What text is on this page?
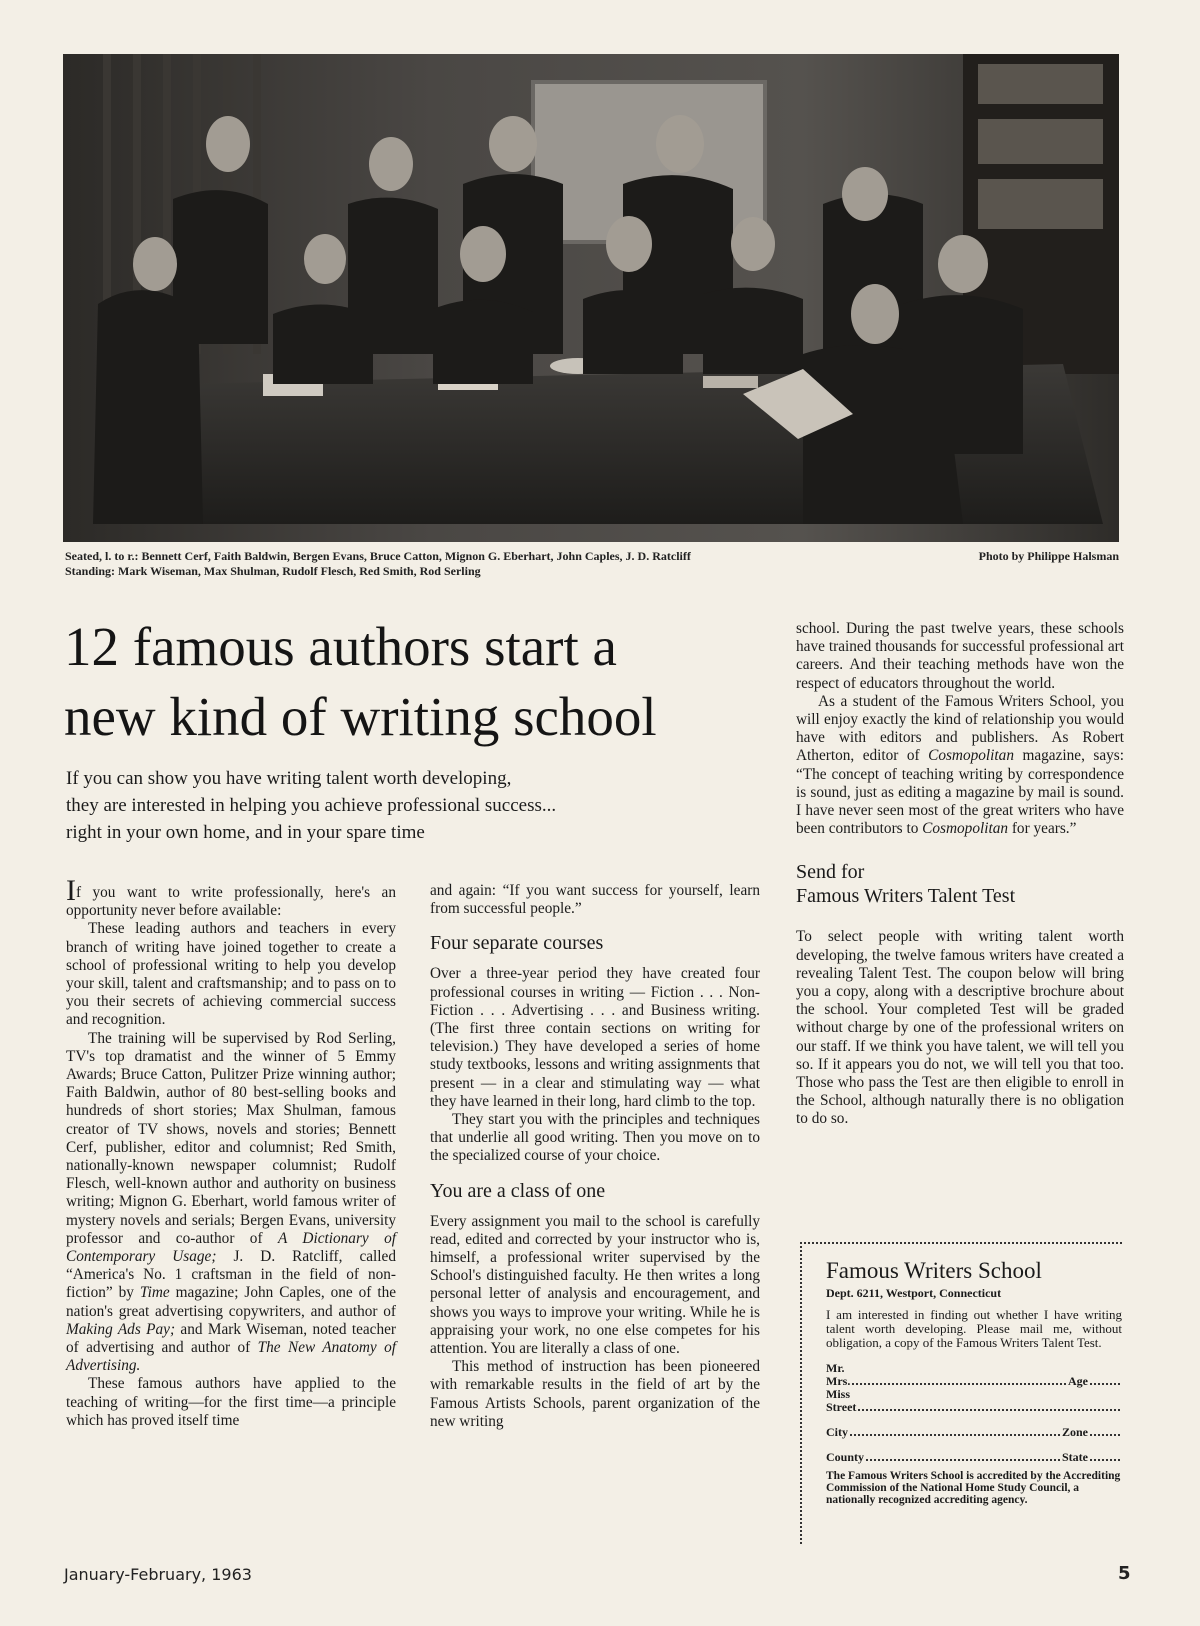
Seated, l. to r.: Bennett Cerf, Faith Baldwin, Bergen Evans, Bruce Catton, Mignon G. Eberhart, John Caples, J. D. Ratcliff
Standing: Mark Wiseman, Max Shulman, Rudolf Flesch, Red Smith, Rod Serling
Photo by Philippe Halsman
12 famous authors start a
new kind of writing school

If you can show you have writing talent worth developing,
they are interested in helping you achieve professional success...
right in your own home, and in your spare time

If you want to write professionally, here's an opportunity never before available:

These leading authors and teachers in every branch of writing have joined together to create a school of professional writing to help you develop your skill, talent and craftsmanship; and to pass on to you their secrets of achieving commercial success and recognition.

The training will be supervised by Rod Serling, TV's top dramatist and the winner of 5 Emmy Awards; Bruce Catton, Pulitzer Prize winning author; Faith Baldwin, author of 80 best-selling books and hundreds of short stories; Max Shulman, famous creator of TV shows, novels and stories; Bennett Cerf, publisher, editor and columnist; Red Smith, nationally-known newspaper columnist; Rudolf Flesch, well-known author and authority on business writing; Mignon G. Eberhart, world famous writer of mystery novels and serials; Bergen Evans, university professor and co-author of A Dictionary of Contemporary Usage; J. D. Ratcliff, called “America's No. 1 craftsman in the field of non-fiction” by Time magazine; John Caples, one of the nation's great advertising copywriters, and author of Making Ads Pay; and Mark Wiseman, noted teacher of advertising and author of The New Anatomy of Advertising.

These famous authors have applied to the teaching of writing—for the first time—a principle which has proved itself time

and again: “If you want success for yourself, learn from successful people.”

Four separate courses

Over a three-year period they have created four professional courses in writing — Fiction . . . Non-Fiction . . . Advertising . . . and Business writing. (The first three contain sections on writing for television.) They have developed a series of home study textbooks, lessons and writing assignments that present — in a clear and stimulating way — what they have learned in their long, hard climb to the top.

They start you with the principles and techniques that underlie all good writing. Then you move on to the specialized course of your choice.

You are a class of one

Every assignment you mail to the school is carefully read, edited and corrected by your instructor who is, himself, a professional writer supervised by the School's distinguished faculty. He then writes a long personal letter of analysis and encouragement, and shows you ways to improve your writing. While he is appraising your work, no one else competes for his attention. You are literally a class of one.

This method of instruction has been pioneered with remarkable results in the field of art by the Famous Artists Schools, parent organization of the new writing

school. During the past twelve years, these schools have trained thousands for successful professional art careers. And their teaching methods have won the respect of educators throughout the world.

As a student of the Famous Writers School, you will enjoy exactly the kind of relationship you would have with editors and publishers. As Robert Atherton, editor of Cosmopolitan magazine, says: “The concept of teaching writing by correspondence is sound, just as editing a magazine by mail is sound. I have never seen most of the great writers who have been contributors to Cosmopolitan for years.”

Send for
Famous Writers Talent Test

To select people with writing talent worth developing, the twelve famous writers have created a revealing Talent Test. The coupon below will bring you a copy, along with a descriptive brochure about the school. Your completed Test will be graded without charge by one of the professional writers on our staff. If we think you have talent, we will tell you so. If it appears you do not, we will tell you that too. Those who pass the Test are then eligible to enroll in the School, although naturally there is no obligation to do so.

Famous Writers School
Dept. 6211, Westport, Connecticut
I am interested in finding out whether I have writing talent worth developing. Please mail me, without obligation, a copy of the Famous Writers Talent Test.
Mr.
Mrs.	Age
Miss
Street
City	Zone
County	State
The Famous Writers School is accredited by the Accrediting Commission of the National Home Study Council, a nationally recognized accrediting agency.
January-February, 1963	5
